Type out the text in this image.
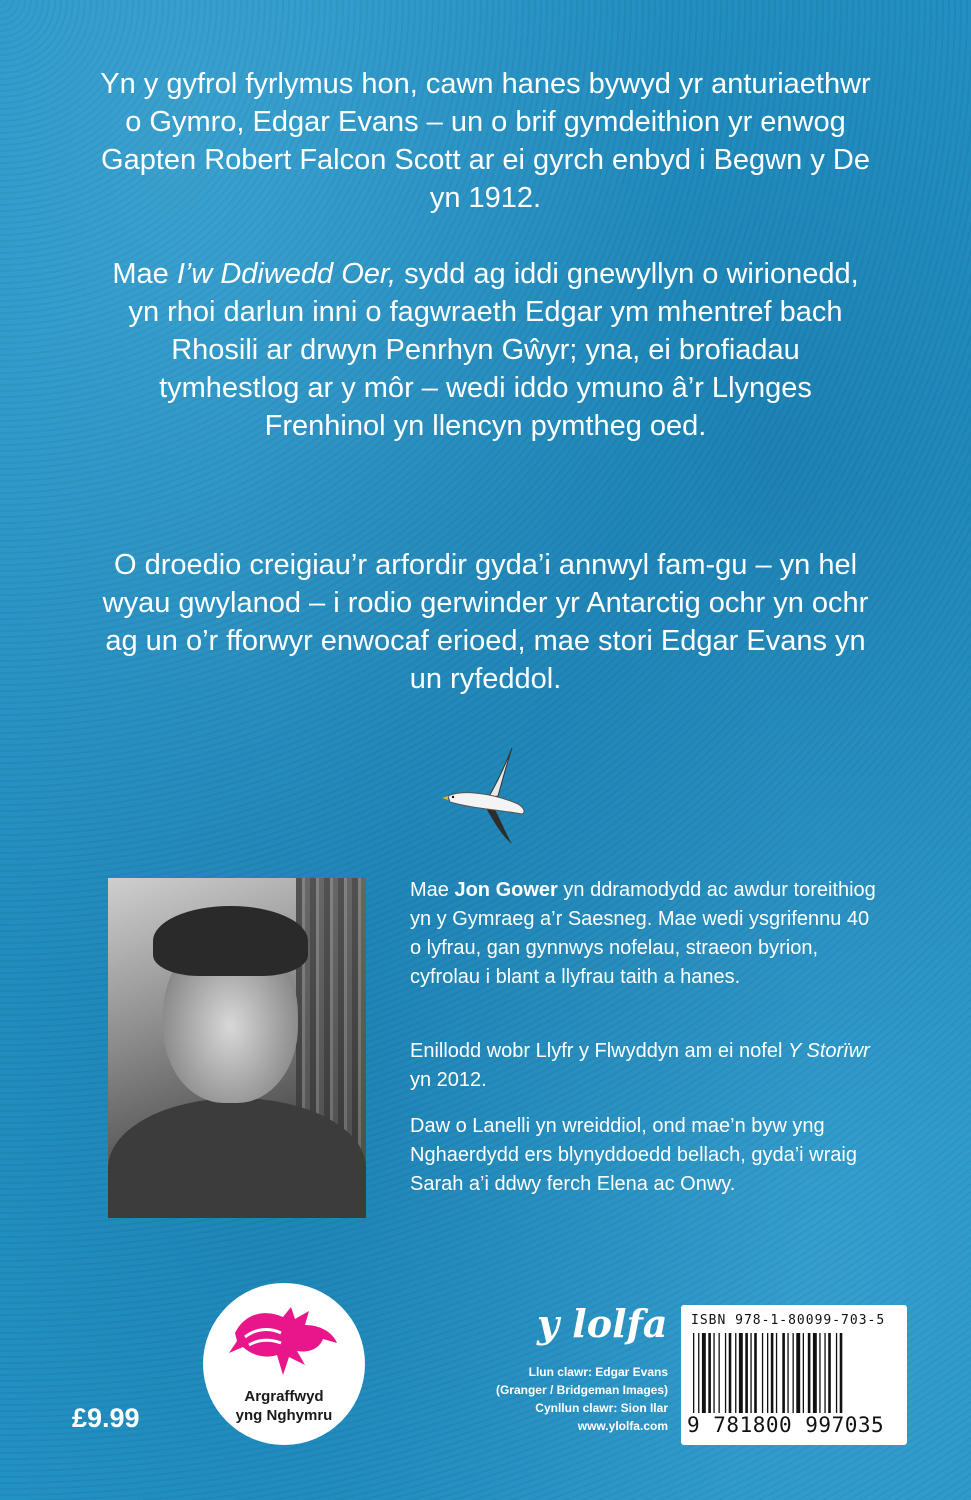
Yn y gyfrol fyrlymus hon, cawn hanes bywyd yr anturiaethwr o Gymro, Edgar Evans – un o brif gymdeithion yr enwog Gapten Robert Falcon Scott ar ei gyrch enbyd i Begwn y De yn 1912.

Mae I’w Ddiwedd Oer, sydd ag iddi gnewyllyn o wirionedd, yn rhoi darlun inni o fagwraeth Edgar ym mhentref bach Rhosili ar drwyn Penrhyn Gŵyr; yna, ei brofiadau tymhestlog ar y môr – wedi iddo ymuno â’r Llynges Frenhinol yn llencyn pymtheg oed.

O droedio creigiau’r arfordir gyda’i annwyl fam-gu – yn hel wyau gwylanod – i rodio gerwinder yr Antarctig ochr yn ochr ag un o’r fforwyr enwocaf erioed, mae stori Edgar Evans yn un ryfeddol.

Mae Jon Gower yn ddramodydd ac awdur toreithiog yn y Gymraeg a’r Saesneg. Mae wedi ysgrifennu 40 o lyfrau, gan gynnwys nofelau, straeon byrion, cyfrolau i blant a llyfrau taith a hanes.

Enillodd wobr Llyfr y Flwyddyn am ei nofel Y Storïwr yn 2012.

Daw o Lanelli yn wreiddiol, ond mae’n byw yng Nghaerdydd ers blynyddoedd bellach, gyda’i wraig Sarah a’i ddwy ferch Elena ac Onwy.

Argraffwyd
yng Nghymru

£9.99

y lolfa

Llun clawr: Edgar Evans
(Granger / Bridgeman Images)
Cynllun clawr: Sion Ilar
www.ylolfa.com

ISBN 978-1-80099-703-5

9 781800 997035
